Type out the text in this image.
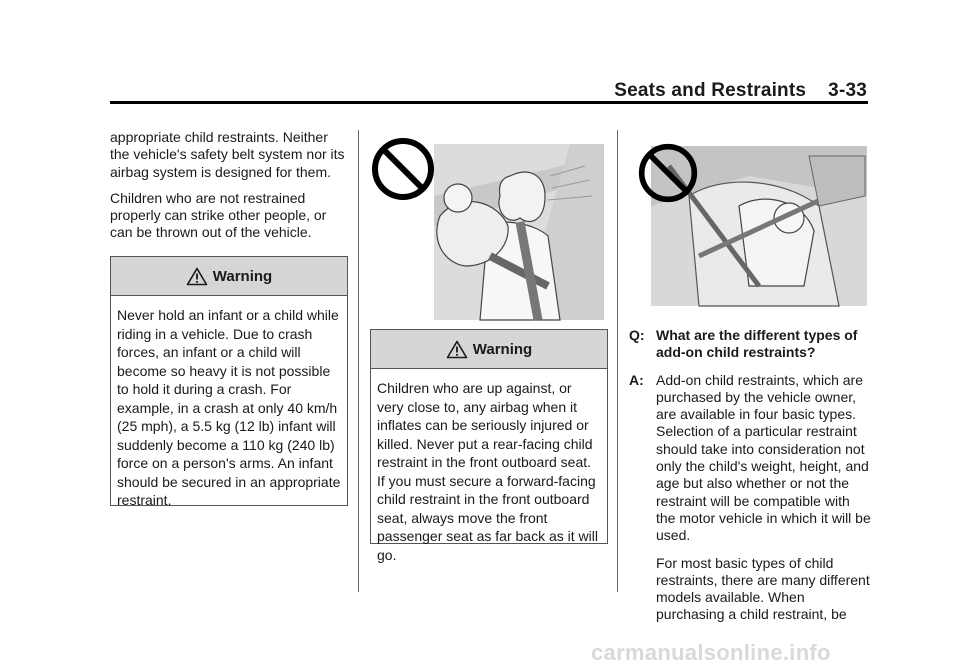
Seats and Restraints 3-33

appropriate child restraints. Neither the vehicle's safety belt system nor its airbag system is designed for them.

Children who are not restrained properly can strike other people, or can be thrown out of the vehicle.

Warning
Never hold an infant or a child while riding in a vehicle. Due to crash forces, an infant or a child will become so heavy it is not possible to hold it during a crash. For example, in a crash at only 40 km/h (25 mph), a 5.5 kg (12 lb) infant will suddenly become a 110 kg (240 lb) force on a person's arms. An infant should be secured in an appropriate restraint.
Warning
Children who are up against, or very close to, any airbag when it inflates can be seriously injured or killed. Never put a rear-facing child restraint in the front outboard seat. If you must secure a forward-facing child restraint in the front outboard seat, always move the front passenger seat as far back as it will go.

Q: What are the different types of add-on child restraints?

A: Add-on child restraints, which are purchased by the vehicle owner, are available in four basic types. Selection of a particular restraint should take into consideration not only the child's weight, height, and age but also whether or not the restraint will be compatible with the motor vehicle in which it will be used.

For most basic types of child restraints, there are many different models available. When purchasing a child restraint, be

carmanualsonline.info
